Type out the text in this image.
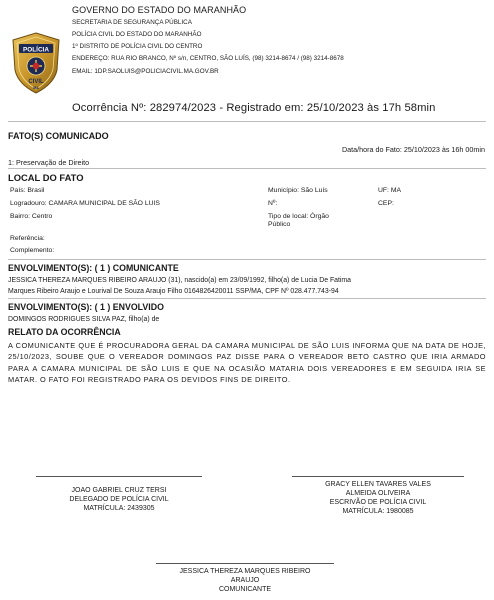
POLÍCIA
CIVIL
MA
GOVERNO DO ESTADO DO MARANHÃO
SECRETARIA DE SEGURANÇA PÚBLICA
POLÍCIA CIVIL DO ESTADO DO MARANHÃO
1º DISTRITO DE POLÍCIA CIVIL DO CENTRO
ENDEREÇO: RUA RIO BRANCO, Nº s/n, CENTRO, SÃO LUÍS, (98) 3214-8674 / (98) 3214-8678
EMAIL: 1DP.SAOLUIS@POLICIACIVIL.MA.GOV.BR
Ocorrência Nº: 282974/2023 - Registrado em: 25/10/2023 às 17h 58min
FATO(S) COMUNICADO
Data/hora do Fato: 25/10/2023 às 16h 00min
1: Preservação de Direito
LOCAL DO FATO
País: Brasil
Logradouro: CAMARA MUNICIPAL DE SÃO LUIS
Bairro: Centro
Referência:
Complemento:
Município: São Luís
Nº:
Tipo de local: Órgão
Público
UF: MA
CEP:
ENVOLVIMENTO(S): ( 1 ) COMUNICANTE
JESSICA THEREZA MARQUES RIBEIRO ARAUJO (31), nascido(a) em 23/09/1992, filho(a) de Lucia De Fatima
Marques Ribeiro Araujo e Lourival De Souza Araujo Filho 0164826420011 SSP/MA, CPF Nº 028.477.743-94
ENVOLVIMENTO(S): ( 1 ) ENVOLVIDO
DOMINGOS RODRIGUES SILVA PAZ, filho(a) de
RELATO DA OCORRÊNCIA
A COMUNICANTE QUE É PROCURADORA GERAL DA CAMARA MUNICIPAL DE SÃO LUIS INFORMA QUE NA DATA DE HOJE, 25/10/2023, SOUBE QUE O VEREADOR DOMINGOS PAZ DISSE PARA O VEREADOR BETO CASTRO QUE IRIA ARMADO PARA A CAMARA MUNICIPAL DE SÃO LUIS E QUE NA OCASIÃO MATARIA DOIS VEREADORES E EM SEGUIDA IRIA SE MATAR. O FATO FOI REGISTRADO PARA OS DEVIDOS FINS DE DIREITO.
JOAO GABRIEL CRUZ TERSI
DELEGADO DE POLÍCIA CIVIL
MATRÍCULA: 2439305
GRACY ELLEN TAVARES VALES
ALMEIDA OLIVEIRA
ESCRIVÃO DE POLÍCIA CIVIL
MATRÍCULA: 1980085
JESSICA THEREZA MARQUES RIBEIRO
ARAUJO
COMUNICANTE
